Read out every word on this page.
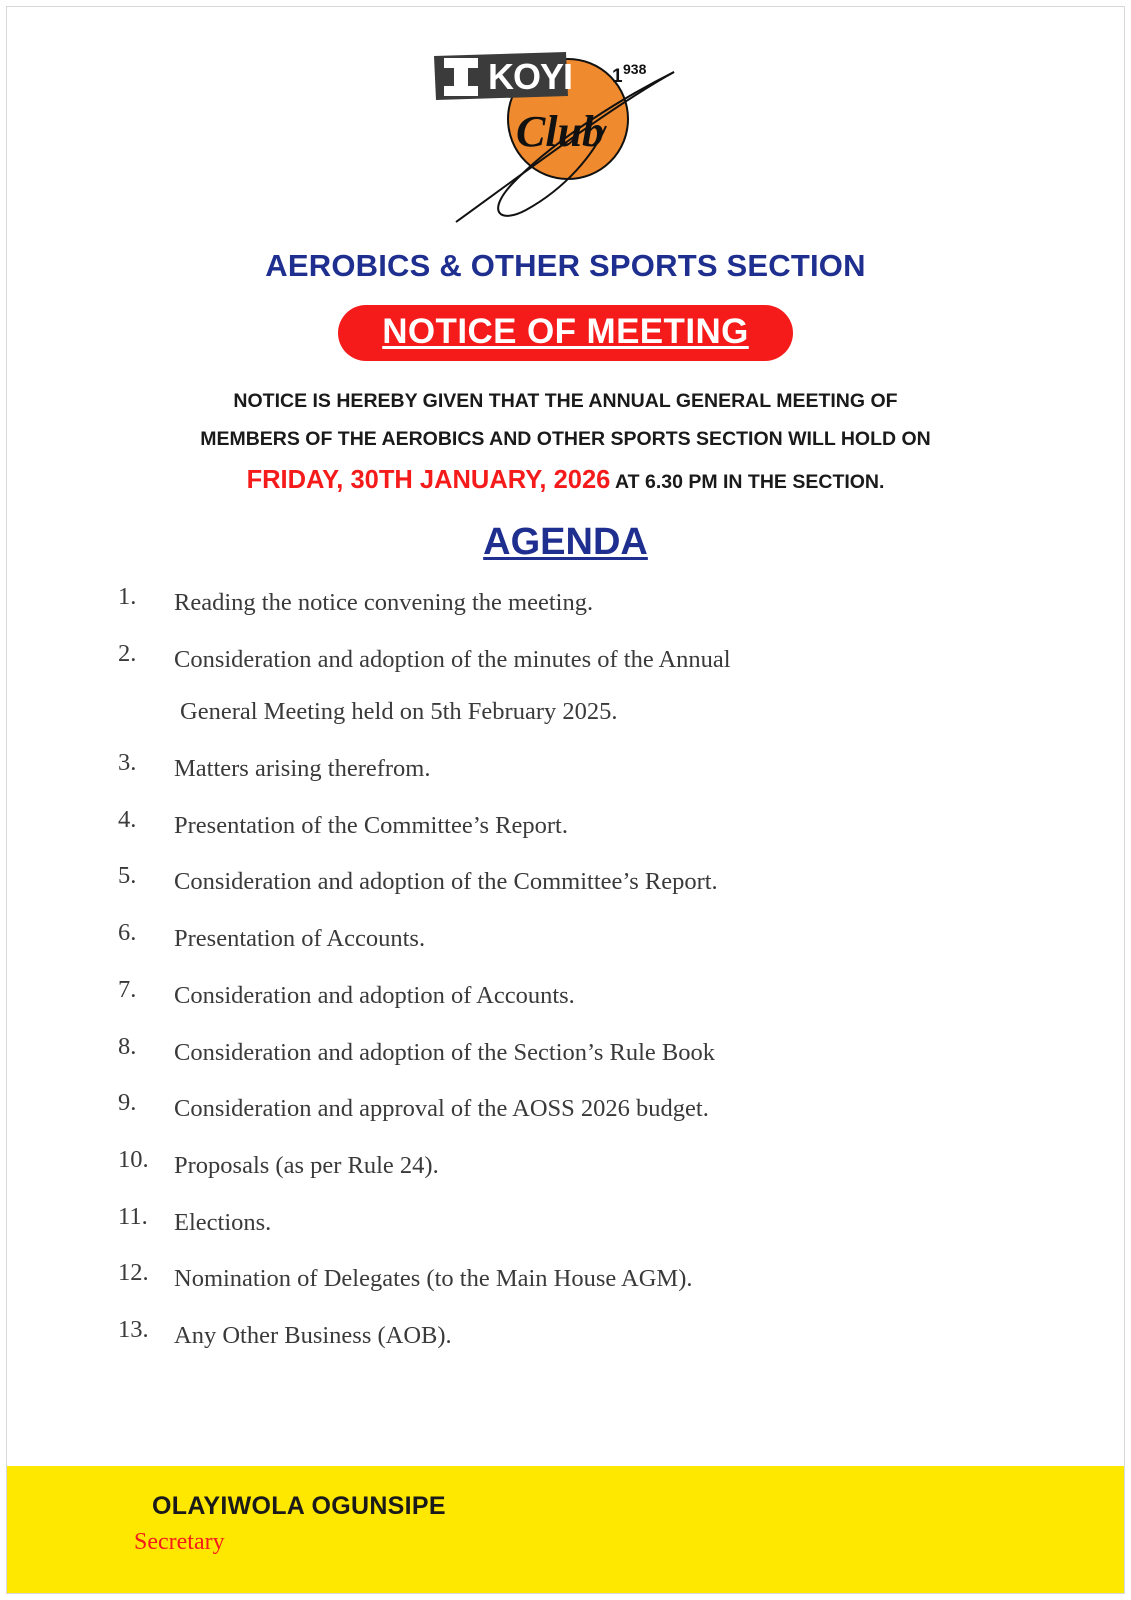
KOYI
Club
1 938
AEROBICS & OTHER SPORTS SECTION
NOTICE OF MEETING
NOTICE IS HEREBY GIVEN THAT THE ANNUAL GENERAL MEETING OF
MEMBERS OF THE AEROBICS AND OTHER SPORTS SECTION WILL HOLD ON
FRIDAY, 30TH JANUARY, 2026 AT 6.30 PM IN THE SECTION.
AGENDA
1.	Reading the notice convening the meeting.
2.	Consideration and adoption of the minutes of the Annual
General Meeting held on 5th February 2025.
3.	Matters arising therefrom.
4.	Presentation of the Committee’s Report.
5.	Consideration and adoption of the Committee’s Report.
6.	Presentation of Accounts.
7.	Consideration and adoption of Accounts.
8.	Consideration and adoption of the Section’s Rule Book
9.	Consideration and approval of the AOSS 2026 budget.
10.	Proposals (as per Rule 24).
11.	Elections.
12.	Nomination of Delegates (to the Main House AGM).
13.	Any Other Business (AOB).
OLAYIWOLA OGUNSIPE
Secretary
